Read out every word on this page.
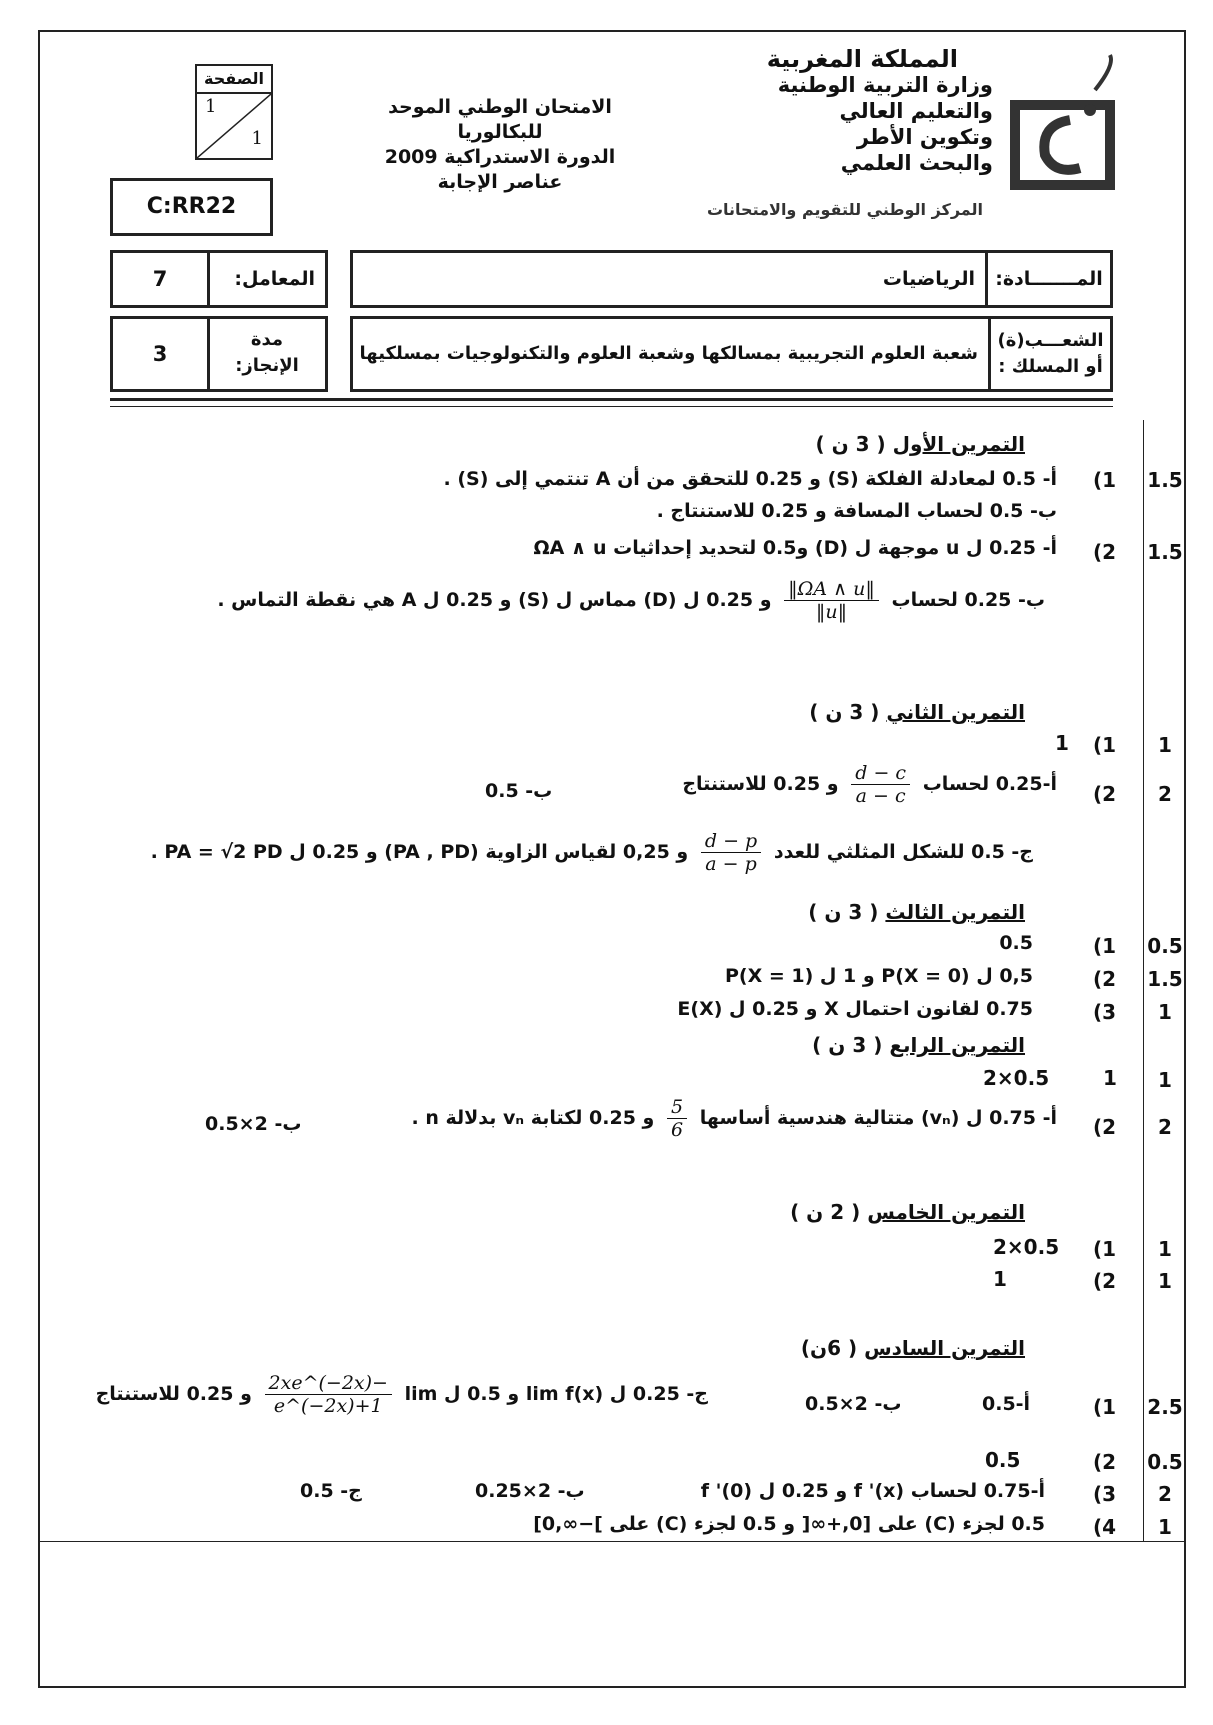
المملكة المغربية
وزارة التربية الوطنية
والتعليم العالي
وتكوين الأطر
والبحث العلمي
المركز الوطني للتقويم والامتحانات
الامتحان الوطني الموحد للبكالوريا
الدورة الاستدراكية 2009
عناصر الإجابة
الصفحة
1
1
C:RR22
7	المعامل:	المـــــــادة:
الرياضيات
3
مدة
الإنجاز:
الشعـــب(ة)
أو المسلك :
شعبة العلوم التجريبية بمسالكها وشعبة العلوم والتكنولوجيات بمسلكيها
التمرين الأول ( 3 ن )
1.5
(1
أ- 0.5 لمعادلة الفلكة (S) و 0.25 للتحقق من أن A تنتمي إلى (S) .
ب- 0.5 لحساب المسافة و 0.25 للاستنتاج .
1.5
(2
أ- 0.25 ل u موجهة ل (D) و0.5 لتحديد إحداثيات ΩA ∧ u
ب- 0.25 لحساب
$\frac{‖\Omega A \wedge u‖}{‖u‖}$
و 0.25 ل (D) مماس ل (S) و 0.25 ل A هي نقطة التماس .
التمرين الثاني ( 3 ن )
1
(1
1
2
(2
أ-0.25 لحساب
$\frac{d - c}{a - c}$
و 0.25 للاستنتاج
ب- 0.5
ج- 0.5 للشكل المثلثي للعدد
$\frac{d - p}{a - p}$
و 0,25 لقياس الزاوية (PA , PD) و 0.25 ل PA = √2 PD .
التمرين الثالث ( 3 ن )
0.5
(1
0.5
1.5
(2
0,5 ل P(X = 0) و 1 ل P(X = 1)
1
(3
0.75 لقانون احتمال X و 0.25 ل E(X)
التمرين الرابع ( 3 ن )
1
1
2×0.5
2
(2
أ- 0.75 ل (vₙ) متتالية هندسية أساسها
$\frac{5}{6}$
و 0.25 لكتابة vₙ بدلالة n .
ب- 2×0.5
التمرين الخامس ( 2 ن )
1
(1
2×0.5
1
(2
1
التمرين السادس ( 6ن)
2.5
(1
أ-0.5
ب- 2×0.5
ج- 0.25 ل lim f(x) و 0.5 ل lim
$\frac{-2xe\^{}(-2x)}{1+e\^{}(-2x)}$
و 0.25 للاستنتاج
0.5
(2
0.5
2
(3
أ-0.75 لحساب f '(x) و 0.25 ل f '(0)
ب- 2×0.25
ج- 0.5
1
(4
0.5 لجزء (C) على [0,+∞[ و 0.5 لجزء (C) على ]−∞,0]
